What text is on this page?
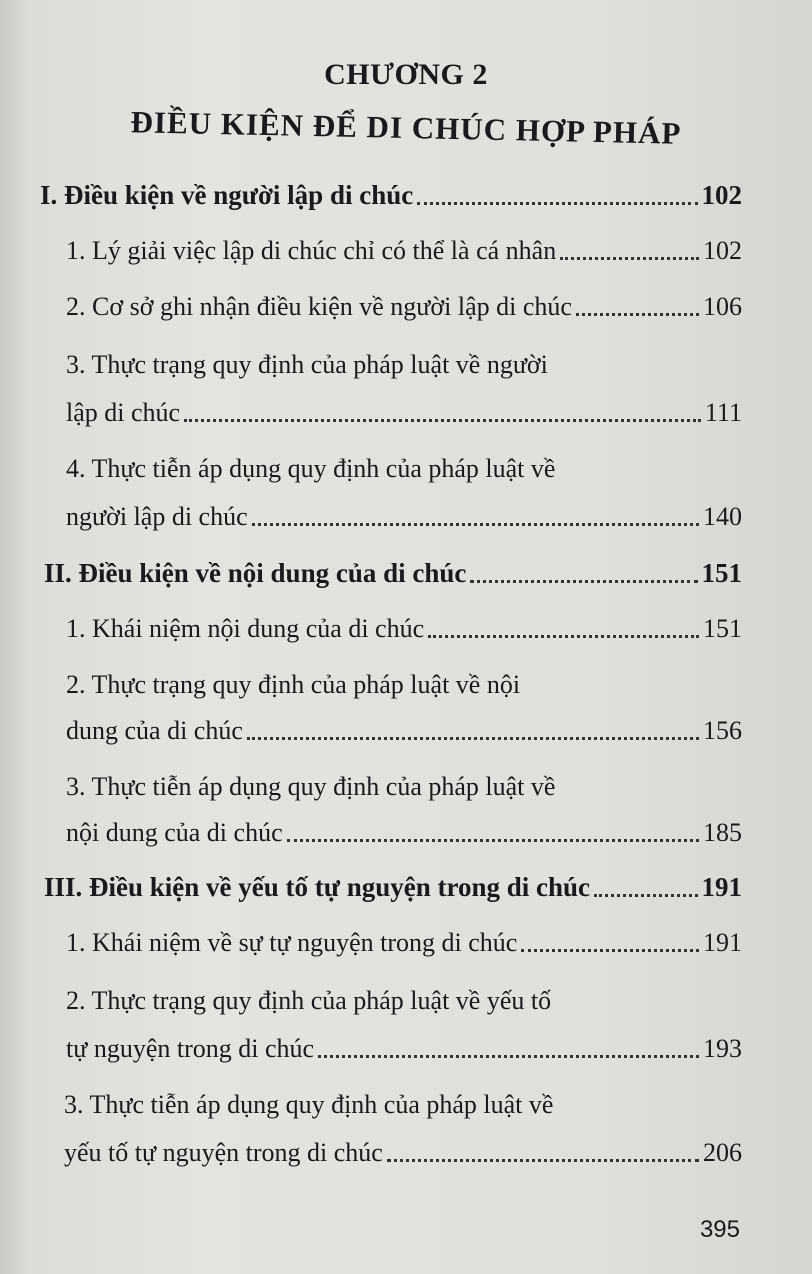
CHƯƠNG 2
ĐIỀU KIỆN ĐỂ DI CHÚC HỢP PHÁP
I. Điều kiện về người lập di chúc	102
1. Lý giải việc lập di chúc chỉ có thể là cá nhân	102
2. Cơ sở ghi nhận điều kiện về người lập di chúc	106
3. Thực trạng quy định của pháp luật về người
lập di chúc	111
4. Thực tiễn áp dụng quy định của pháp luật về
người lập di chúc	140
II. Điều kiện về nội dung của di chúc	151
1. Khái niệm nội dung của di chúc	151
2. Thực trạng quy định của pháp luật về nội
dung của di chúc	156
3. Thực tiễn áp dụng quy định của pháp luật về
nội dung của di chúc	185
III. Điều kiện về yếu tố tự nguyện trong di chúc	191
1. Khái niệm về sự tự nguyện trong di chúc	191
2. Thực trạng quy định của pháp luật về yếu tố
tự nguyện trong di chúc	193
3. Thực tiễn áp dụng quy định của pháp luật về
yếu tố tự nguyện trong di chúc	206
395
